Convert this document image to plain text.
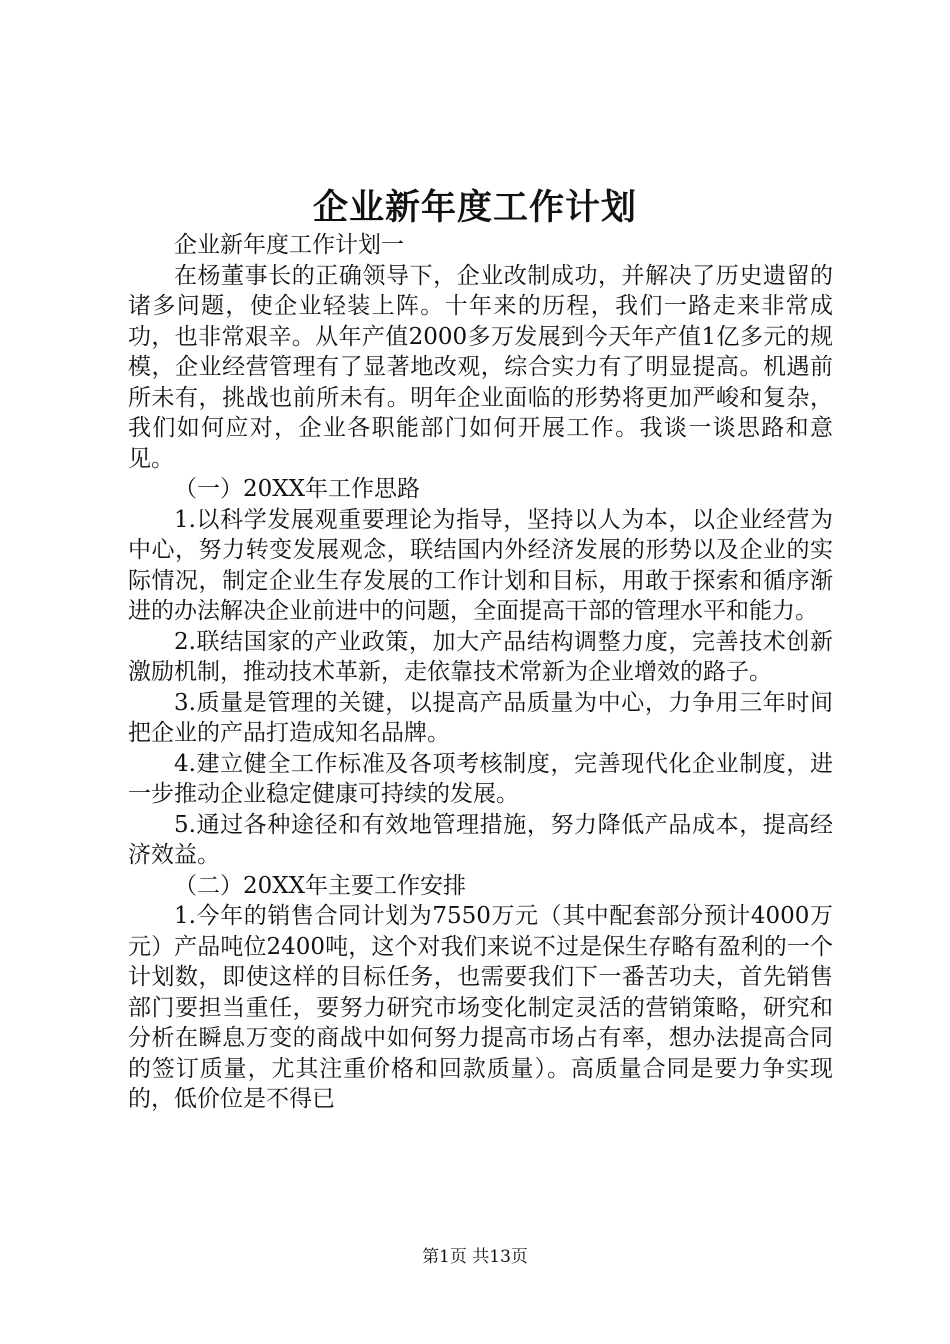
企业新年度工作计划

企业新年度工作计划一

在杨董事长的正确领导下，企业改制成功，并解决了历史遗留的诸多问题，使企业轻装上阵。十年来的历程，我们一路走来非常成功，也非常艰辛。从年产值2000多万发展到今天年产值1亿多元的规模，企业经营管理有了显著地改观，综合实力有了明显提高。机遇前所未有，挑战也前所未有。明年企业面临的形势将更加严峻和复杂，我们如何应对，企业各职能部门如何开展工作。我谈一谈思路和意见。

（一）20XX年工作思路

1.以科学发展观重要理论为指导，坚持以人为本，以企业经营为中心，努力转变发展观念，联结国内外经济发展的形势以及企业的实际情况，制定企业生存发展的工作计划和目标，用敢于探索和循序渐进的办法解决企业前进中的问题，全面提高干部的管理水平和能力。

2.联结国家的产业政策，加大产品结构调整力度，完善技术创新激励机制，推动技术革新，走依靠技术常新为企业增效的路子。

3.质量是管理的关键，以提高产品质量为中心，力争用三年时间把企业的产品打造成知名品牌。

4.建立健全工作标准及各项考核制度，完善现代化企业制度，进一步推动企业稳定健康可持续的发展。

5.通过各种途径和有效地管理措施，努力降低产品成本，提高经济效益。

（二）20XX年主要工作安排

1.今年的销售合同计划为7550万元（其中配套部分预计4000万元）产品吨位2400吨，这个对我们来说不过是保生存略有盈利的一个计划数，即使这样的目标任务，也需要我们下一番苦功夫，首先销售部门要担当重任，要努力研究市场变化制定灵活的营销策略，研究和分析在瞬息万变的商战中如何努力提高市场占有率，想办法提高合同的签订质量，尤其注重价格和回款质量）。高质量合同是要力争实现的，低价位是不得已

第1页 共13页
